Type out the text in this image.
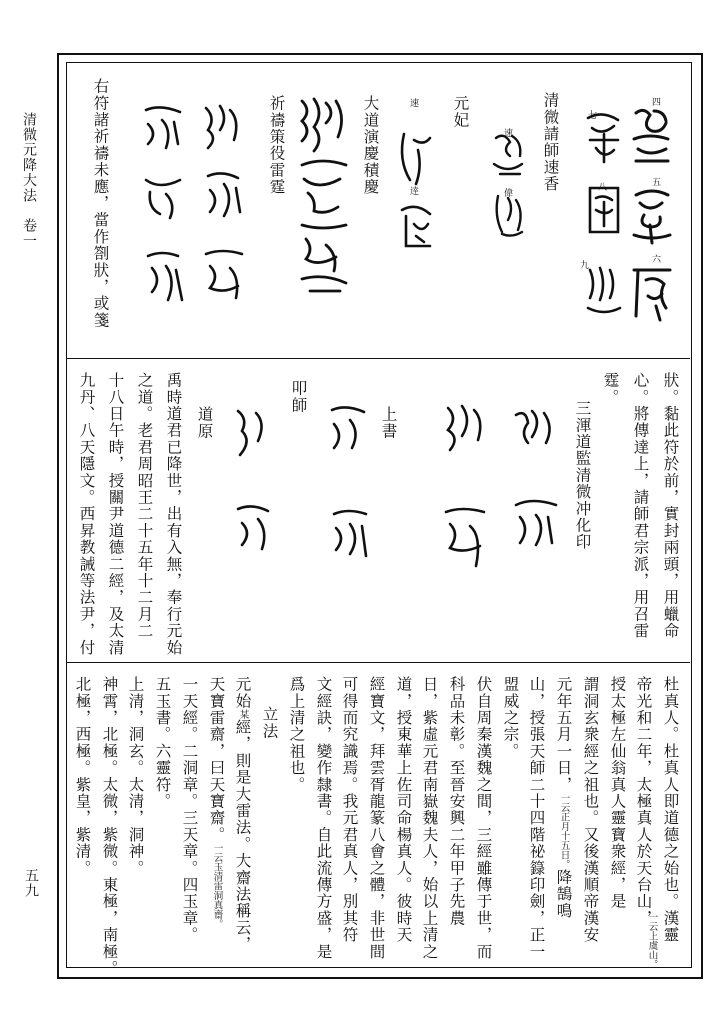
清微元降大法　卷一
五九
四
五
六
七
八
九
清微請師速香
速
偉
元妃
速
逹
大道演慶積慶
祈禱策役雷霆
右符諸祈禱未應，當作劄狀，或箋
狀。黏此符於前，實封兩頭，用蠟命
心。將傳達上，請師君宗派，用召雷
霆。
三渾道監清微冲化印
上書
叩師
道原
禹時道君已降世，出有入無，奉行元始
之道。老君周昭王二十五年十二月二
十八日午時，授關尹道德二經，及太清
九丹、八天隱文。西昇教誡等法尹，付
杜真人。杜真人即道德之始也。漢靈
帝光和二年，太極真人於天台山，
一云上虞山。
授太極左仙翁真人靈寶衆經，是
謂洞玄衆經之祖也。又後漢順帝漢安
元年五月一日，一云正月十五日。降鵠鳴
山，授張天師二十四階祕籙印劍，正一
盟威之宗。
伏自周秦漢魏之間，三經雖傳于世，而
科品未彰。至晉安興二年甲子先農
日，紫虛元君南嶽魏夫人，始以上清之
道，授東華上佐司命楊真人。彼時天
經寶文，拜雲胥龍篆八會之體，非世間
可得而究識焉。我元君真人，別其符
文經訣，變作隸書。自此流傳方盛，是
爲上清之祖也。
立法
元始某經，則是大雷法。大齋法稱云，
天寶雷齋，曰天寶齋。一云玉清雷洞真齋。
一天經。二洞章。三天章。四玉章。
五玉書。六靈符。
上清，洞玄。太清，洞神。
神霄，北極。太微，紫微。東極，南極。
北極，西極。紫皇，紫清。
